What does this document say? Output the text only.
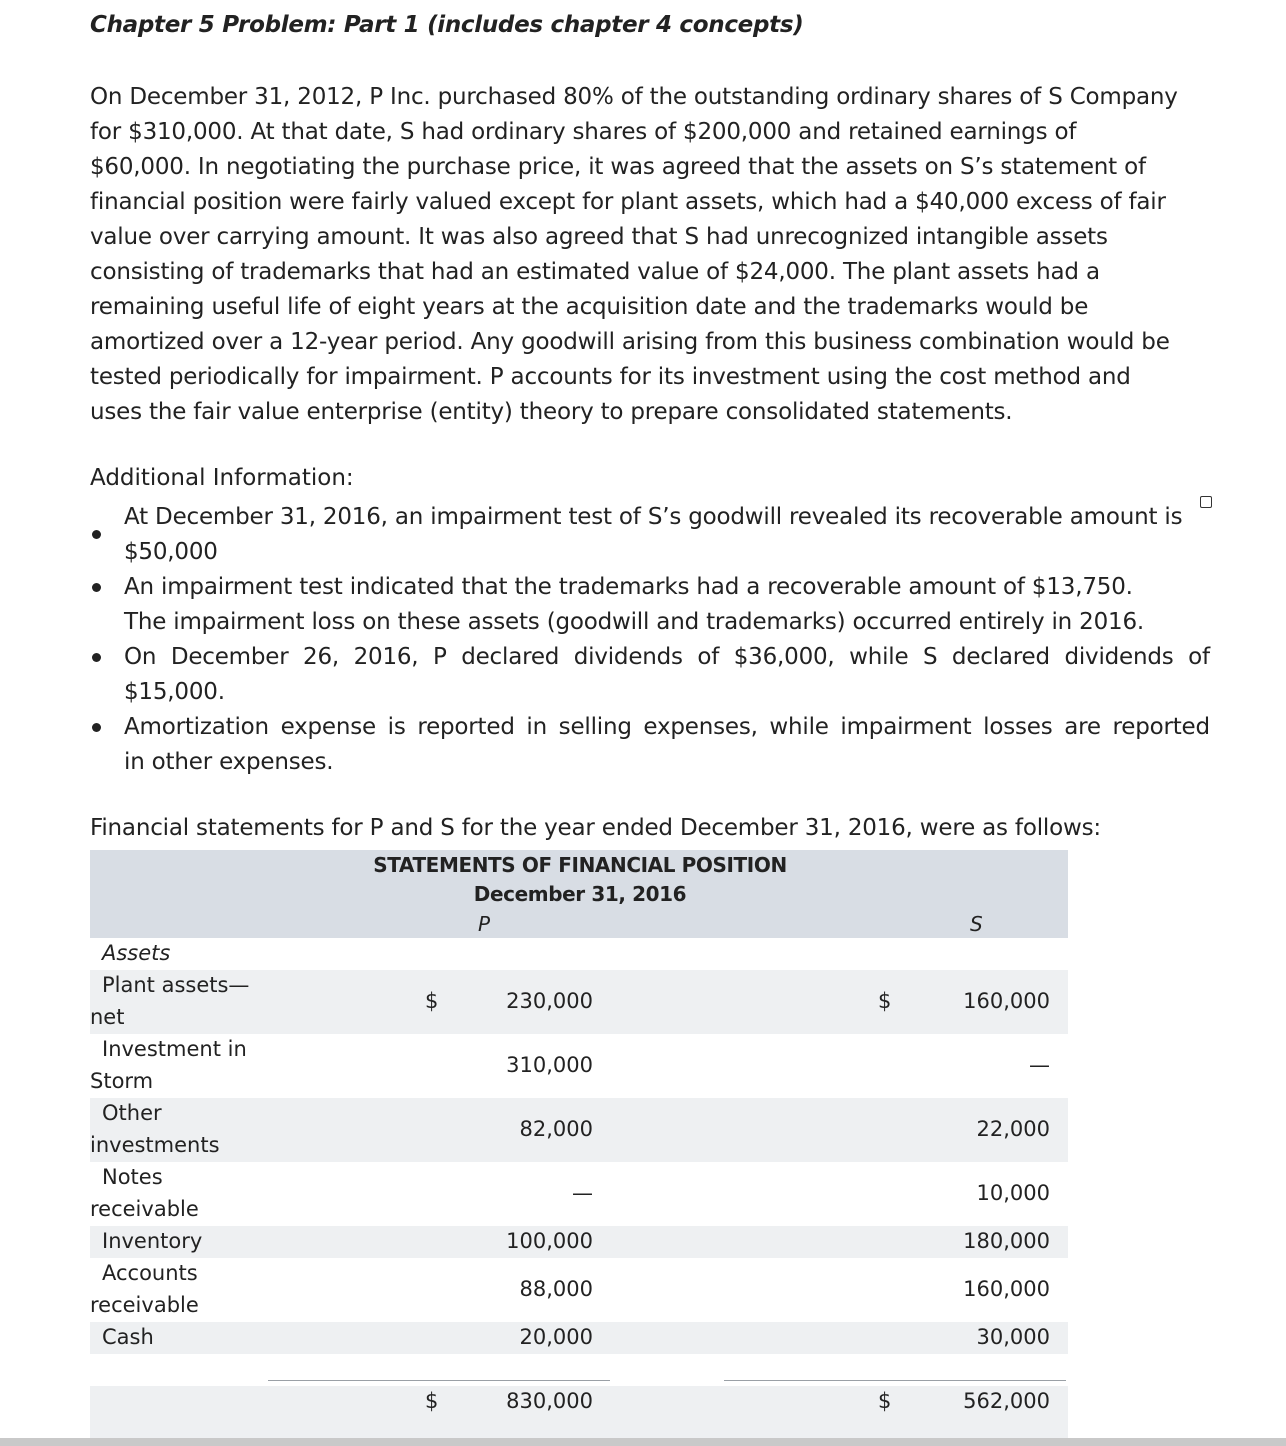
Chapter 5 Problem: Part 1 (includes chapter 4 concepts)
On December 31, 2012, P Inc. purchased 80% of the outstanding ordinary shares of S Company
for $310,000. At that date, S had ordinary shares of $200,000 and retained earnings of
$60,000. In negotiating the purchase price, it was agreed that the assets on S’s statement of
financial position were fairly valued except for plant assets, which had a $40,000 excess of fair
value over carrying amount. It was also agreed that S had unrecognized intangible assets
consisting of trademarks that had an estimated value of $24,000. The plant assets had a
remaining useful life of eight years at the acquisition date and the trademarks would be
amortized over a 12-year period. Any goodwill arising from this business combination would be
tested periodically for impairment. P accounts for its investment using the cost method and
uses the fair value enterprise (entity) theory to prepare consolidated statements.
Additional Information:
At December 31, 2016, an impairment test of S’s goodwill revealed its recoverable amount is
$50,000
An impairment test indicated that the trademarks had a recoverable amount of $13,750.
The impairment loss on these assets (goodwill and trademarks) occurred entirely in 2016.
On December 26, 2016, P declared dividends of $36,000, while S declared dividends of
$15,000.
Amortization expense is reported in selling expenses, while impairment losses are reported
in other expenses.
Financial statements for P and S for the year ended December 31, 2016, were as follows:
STATEMENTS OF FINANCIAL POSITION
December 31, 2016
P	S
Assets
Plant assets—
net
$	230,000	$	160,000
Investment in
Storm
310,000	—
Other
investments
82,000	22,000
Notes
receivable
—	10,000
Inventory	100,000	180,000
Accounts
receivable
88,000	160,000
Cash	20,000	30,000
$	830,000	$	562,000
